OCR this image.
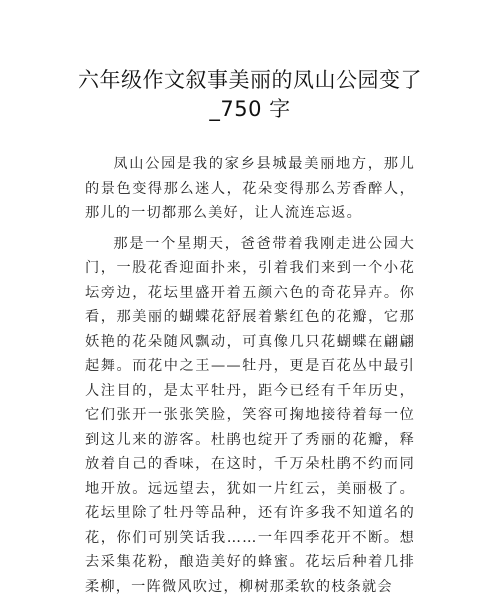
六年级作文叙事美丽的凤山公园变了
_750 字

凤山公园是我的家乡县城最美丽地方，那儿的景色变得那么迷人，花朵变得那么芳香醉人，那儿的一切都那么美好，让人流连忘返。

那是一个星期天，爸爸带着我刚走进公园大门，一股花香迎面扑来，引着我们来到一个小花坛旁边，花坛里盛开着五颜六色的奇花异卉。你看，那美丽的蝴蝶花舒展着紫红色的花瓣，它那妖艳的花朵随风飘动，可真像几只花蝴蝶在翩翩起舞。而花中之王——牡丹，更是百花丛中最引人注目的，是太平牡丹，距今已经有千年历史，它们张开一张张笑脸，笑容可掬地接待着每一位到这儿来的游客。杜鹃也绽开了秀丽的花瓣，释放着自己的香味，在这时，千万朵杜鹃不约而同地开放。远远望去，犹如一片红云，美丽极了。花坛里除了牡丹等品种，还有许多我不知道名的花，你们可别笑话我……一年四季花开不断。想去采集花粉，酿造美好的蜂蜜。花坛后种着几排柔柳，一阵微风吹过，柳树那柔软的枝条就会
